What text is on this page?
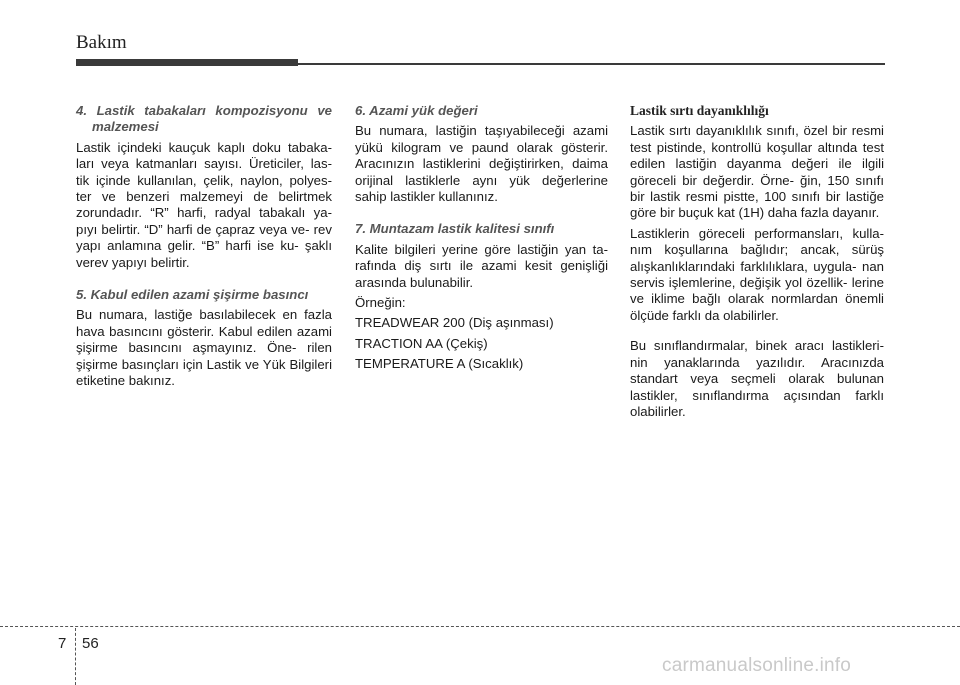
Bakım

4. Lastik tabakaları kompozisyonu ve malzemesi

Lastik içindeki kauçuk kaplı doku tabaka- ları veya katmanları sayısı. Üreticiler, las- tik içinde kullanılan, çelik, naylon, polyes- ter ve benzeri malzemeyi de belirtmek zorundadır. “R” harfi, radyal tabakalı ya- pıyı belirtir. “D” harfi de çapraz veya ve- rev yapı anlamına gelir. “B” harfi ise ku- şaklı verev yapıyı belirtir.

5. Kabul edilen azami şişirme basıncı

Bu numara, lastiğe basılabilecek en fazla hava basıncını gösterir. Kabul edilen azami şişirme basıncını aşmayınız. Öne- rilen şişirme basınçları için Lastik ve Yük Bilgileri etiketine bakınız.

6. Azami yük değeri

Bu numara, lastiğin taşıyabileceği azami yükü kilogram ve paund olarak gösterir. Aracınızın lastiklerini değiştirirken, daima orijinal lastiklerle aynı yük değerlerine sahip lastikler kullanınız.

7. Muntazam lastik kalitesi sınıfı

Kalite bilgileri yerine göre lastiğin yan ta- rafında diş sırtı ile azami kesit genişliği arasında bulunabilir.

Örneğin:

TREADWEAR 200 (Diş aşınması)

TRACTION AA (Çekiş)

TEMPERATURE A (Sıcaklık)

Lastik sırtı dayanıklılığı

Lastik sırtı dayanıklılık sınıfı, özel bir resmi test pistinde, kontrollü koşullar altında test edilen lastiğin dayanma değeri ile ilgili göreceli bir değerdir. Örne- ğin, 150 sınıfı bir lastik resmi pistte, 100 sınıfı bir lastiğe göre bir buçuk kat (1H) daha fazla dayanır.

Lastiklerin göreceli performansları, kulla- nım koşullarına bağlıdır; ancak, sürüş alışkanlıklarındaki farklılıklara, uygula- nan servis işlemlerine, değişik yol özellik- lerine ve iklime bağlı olarak normlardan önemli ölçüde farklı da olabilirler.

Bu sınıflandırmalar, binek aracı lastikleri- nin yanaklarında yazılıdır. Aracınızda standart veya seçmeli olarak bulunan lastikler, sınıflandırma açısından farklı olabilirler.

7 56
carmanualsonline.info
